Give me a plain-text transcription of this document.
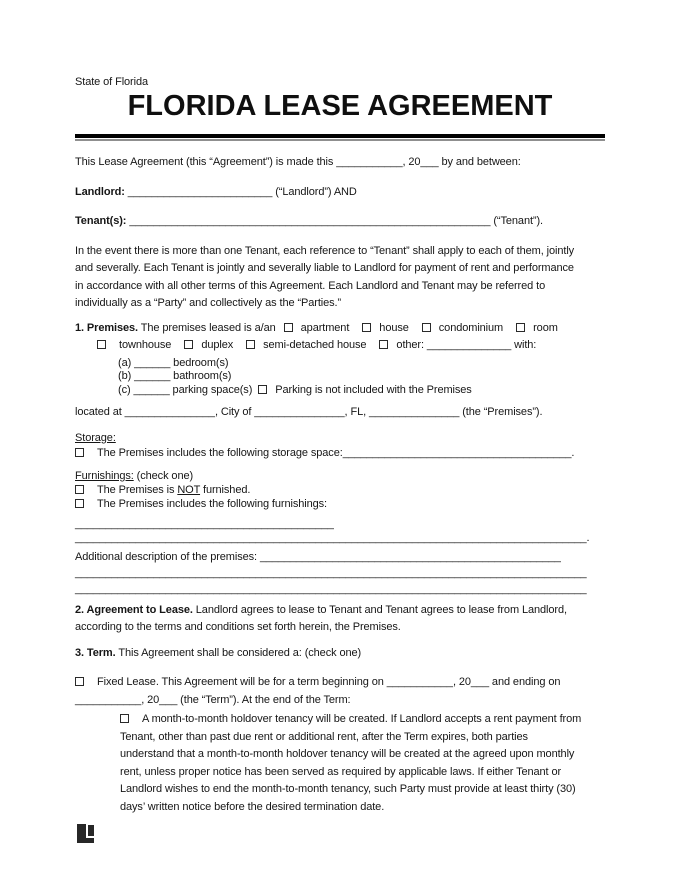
State of Florida
FLORIDA LEASE AGREEMENT

This Lease Agreement (this “Agreement”) is made this ___________, 20___ by and between:

Landlord: ________________________ (“Landlord”) AND

Tenant(s): ____________________________________________________________ (“Tenant”).

In the event there is more than one Tenant, each reference to “Tenant” shall apply to each of them, jointly
and severally. Each Tenant is jointly and severally liable to Landlord for payment of rent and performance
in accordance with all other terms of this Agreement. Each Landlord and Tenant may be referred to
individually as a “Party” and collectively as the “Parties.”
1. Premises. The premises leased is a/an apartment	house	condominium	room
townhouse	duplex	semi-detached house	other: ______________ with:
(a) ______ bedroom(s)
(b) ______ bathroom(s)
(c) ______ parking space(s) Parking is not included with the Premises

located at _______________, City of _______________, FL, _______________ (the “Premises”).

Storage:
The Premises includes the following storage space:______________________________________.
Furnishings: (check one)
The Premises is NOT furnished.
The Premises includes the following furnishings:
___________________________________________
_____________________________________________________________________________________.
Additional description of the premises: __________________________________________________
_____________________________________________________________________________________
_____________________________________________________________________________________
2. Agreement to Lease. Landlord agrees to lease to Tenant and Tenant agrees to lease from Landlord,
according to the terms and conditions set forth herein, the Premises.

3. Term. This Agreement shall be considered a: (check one)

Fixed Lease. This Agreement will be for a term beginning on ___________, 20___ and ending on
___________, 20___ (the “Term”). At the end of the Term:
A month-to-month holdover tenancy will be created. If Landlord accepts a rent payment from
Tenant, other than past due rent or additional rent, after the Term expires, both parties
understand that a month-to-month holdover tenancy will be created at the agreed upon monthly
rent, unless proper notice has been served as required by applicable laws. If either Tenant or
Landlord wishes to end the month-to-month tenancy, such Party must provide at least thirty (30)
days’ written notice before the desired termination date.
